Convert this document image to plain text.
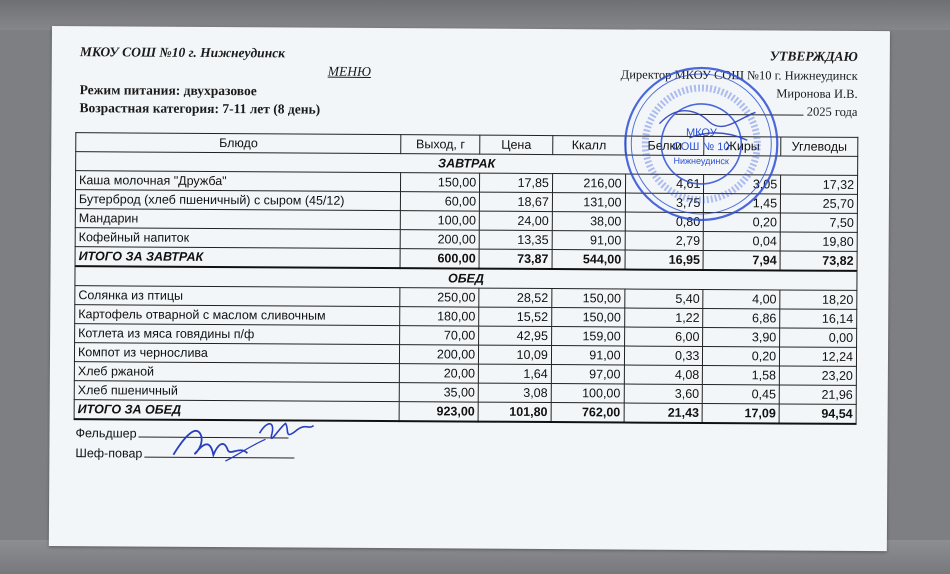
МКОУ СОШ №10 г. Нижнеудинск
МЕНЮ
УТВЕРЖДАЮ
Директор МКОУ СОШ №10 г. Нижнеудинск
Миронова И.В.
2025 года
Режим питания: двухразовое
Возрастная категория: 7-11 лет (8 день)
Блюдо	Выход, г	Цена	Ккалл	Белки	Жиры	Углеводы
ЗАВТРАК						
Каша молочная "Дружба"	150,00	17,85	216,00	4,61	3,05	17,32
Бутерброд (хлеб пшеничный) с сыром (45/12)	60,00	18,67	131,00	3,75	1,45	25,70
Мандарин	100,00	24,00	38,00	0,80	0,20	7,50
Кофейный напиток	200,00	13,35	91,00	2,79	0,04	19,80
ИТОГО ЗА ЗАВТРАК	600,00	73,87	544,00	16,95	7,94	73,82
ОБЕД						
Солянка из птицы	250,00	28,52	150,00	5,40	4,00	18,20
Картофель отварной с маслом сливочным	180,00	15,52	150,00	1,22	6,86	16,14
Котлета из мяса говядины п/ф	70,00	42,95	159,00	6,00	3,90	0,00
Компот из чернослива	200,00	10,09	91,00	0,33	0,20	12,24
Хлеб ржаной	20,00	1,64	97,00	4,08	1,58	23,20
Хлеб пшеничный	35,00	3,08	100,00	3,60	0,45	21,96
ИТОГО ЗА ОБЕД	923,00	101,80	762,00	21,43	17,09	94,54
Фельдшер
Шеф-повар
МКОУ
СОШ № 10
Нижнеудинск
